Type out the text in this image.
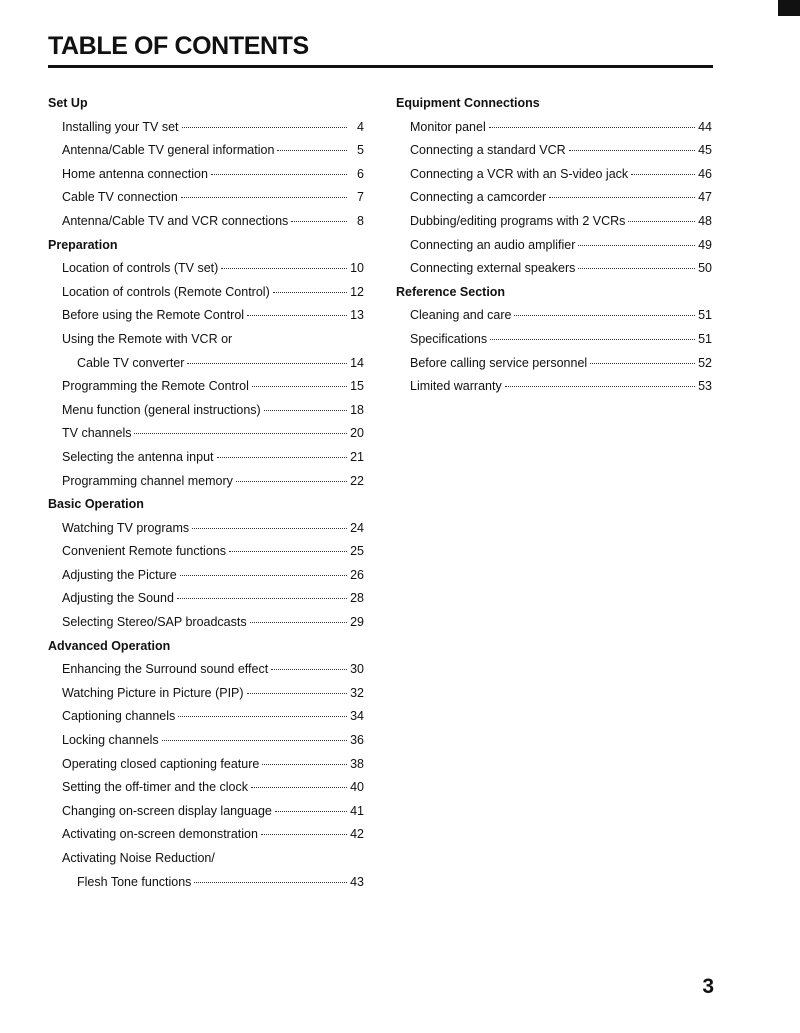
TABLE OF CONTENTS
Set Up
Installing your TV set	4
Antenna/Cable TV general information	5
Home antenna connection	6
Cable TV connection	7
Antenna/Cable TV and VCR connections	8
Preparation
Location of controls (TV set)	10
Location of controls (Remote Control)	12
Before using the Remote Control	13
Using the Remote with VCR or
Cable TV converter	14
Programming the Remote Control	15
Menu function (general instructions)	18
TV channels	20
Selecting the antenna input	21
Programming channel memory	22
Basic Operation
Watching TV programs	24
Convenient Remote functions	25
Adjusting the Picture	26
Adjusting the Sound	28
Selecting Stereo/SAP broadcasts	29
Advanced Operation
Enhancing the Surround sound effect	30
Watching Picture in Picture (PIP)	32
Captioning channels	34
Locking channels	36
Operating closed captioning feature	38
Setting the off-timer and the clock	40
Changing on-screen display language	41
Activating on-screen demonstration	42
Activating Noise Reduction/
Flesh Tone functions	43
Equipment Connections
Monitor panel	44
Connecting a standard VCR	45
Connecting a VCR with an S-video jack	46
Connecting a camcorder	47
Dubbing/editing programs with 2 VCRs	48
Connecting an audio amplifier	49
Connecting external speakers	50
Reference Section
Cleaning and care	51
Specifications	51
Before calling service personnel	52
Limited warranty	53
3
